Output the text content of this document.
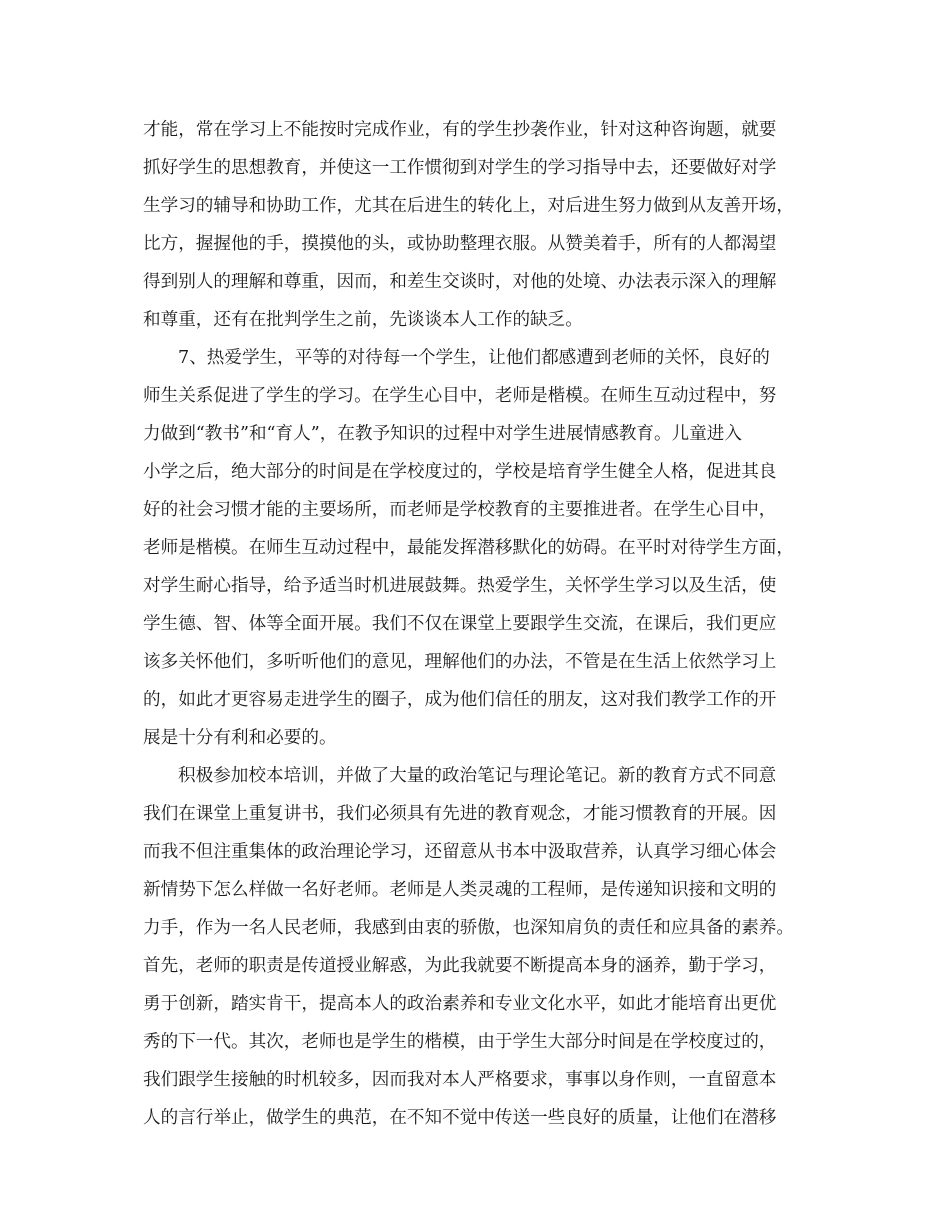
才能，常在学习上不能按时完成作业，有的学生抄袭作业，针对这种咨询题，就要
抓好学生的思想教育，并使这一工作惯彻到对学生的学习指导中去，还要做好对学
生学习的辅导和协助工作，尤其在后进生的转化上，对后进生努力做到从友善开场，
比方，握握他的手，摸摸他的头，或协助整理衣服。从赞美着手，所有的人都渴望
得到别人的理解和尊重，因而，和差生交谈时，对他的处境、办法表示深入的理解
和尊重，还有在批判学生之前，先谈谈本人工作的缺乏。
7、热爱学生，平等的对待每一个学生，让他们都感遭到老师的关怀，良好的
师生关系促进了学生的学习。在学生心目中，老师是楷模。在师生互动过程中，努
力做到“教书”和“育人”，在教予知识的过程中对学生进展情感教育。儿童进入
小学之后，绝大部分的时间是在学校度过的，学校是培育学生健全人格，促进其良
好的社会习惯才能的主要场所，而老师是学校教育的主要推进者。在学生心目中，
老师是楷模。在师生互动过程中，最能发挥潜移默化的妨碍。在平时对待学生方面，
对学生耐心指导，给予适当时机进展鼓舞。热爱学生，关怀学生学习以及生活，使
学生德、智、体等全面开展。我们不仅在课堂上要跟学生交流，在课后，我们更应
该多关怀他们，多听听他们的意见，理解他们的办法，不管是在生活上依然学习上
的，如此才更容易走进学生的圈子，成为他们信任的朋友，这对我们教学工作的开
展是十分有利和必要的。
积极参加校本培训，并做了大量的政治笔记与理论笔记。新的教育方式不同意
我们在课堂上重复讲书，我们必须具有先进的教育观念，才能习惯教育的开展。因
而我不但注重集体的政治理论学习，还留意从书本中汲取营养，认真学习细心体会
新情势下怎么样做一名好老师。老师是人类灵魂的工程师，是传递知识接和文明的
力手，作为一名人民老师，我感到由衷的骄傲，也深知肩负的责任和应具备的素养。
首先，老师的职责是传道授业解惑，为此我就要不断提高本身的涵养，勤于学习，
勇于创新，踏实肯干，提高本人的政治素养和专业文化水平，如此才能培育出更优
秀的下一代。其次，老师也是学生的楷模，由于学生大部分时间是在学校度过的，
我们跟学生接触的时机较多，因而我对本人严格要求，事事以身作则，一直留意本
人的言行举止，做学生的典范，在不知不觉中传送一些良好的质量，让他们在潜移
